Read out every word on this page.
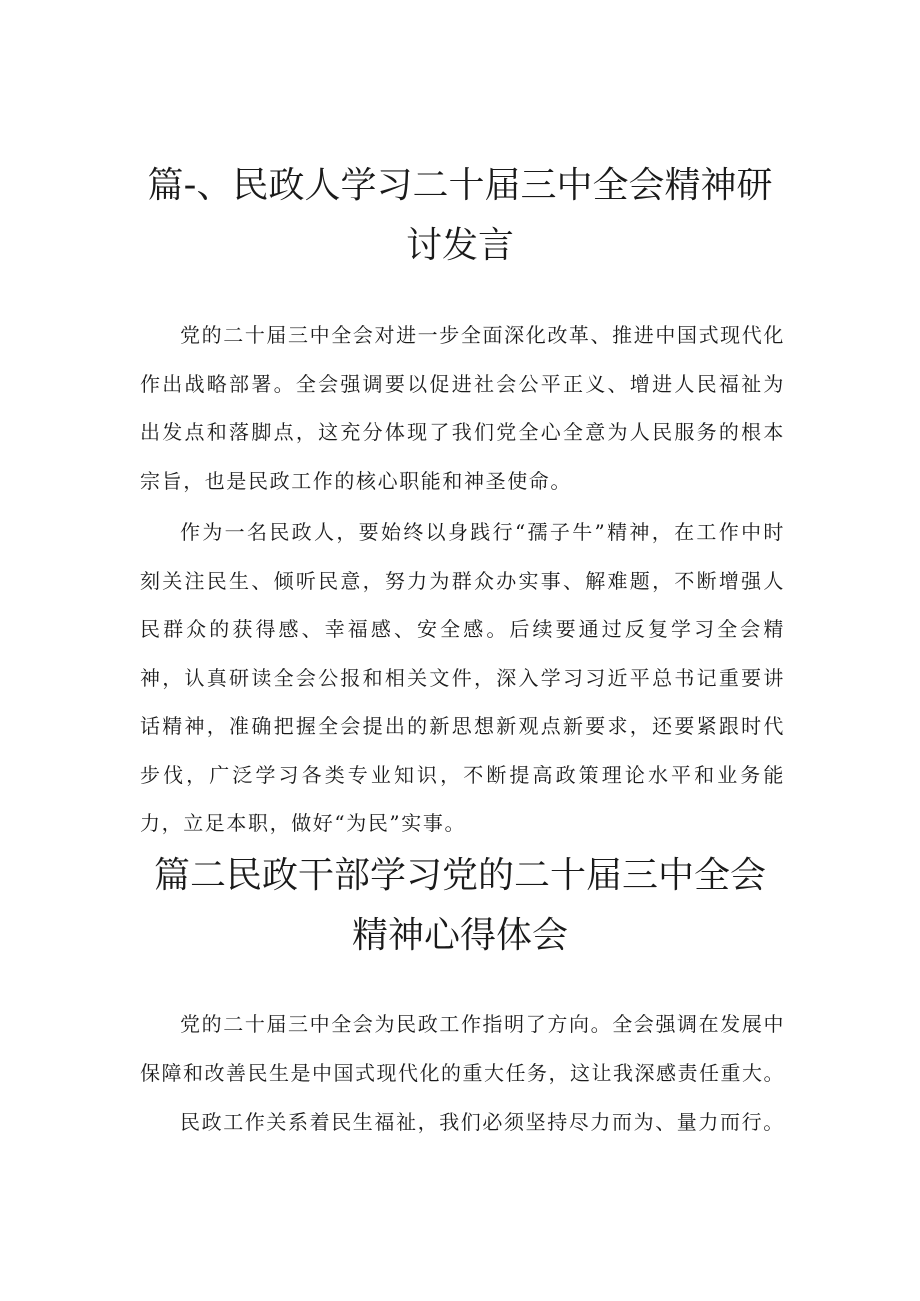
篇-、民政人学习二十届三中全会精神研讨发言

党的二十届三中全会对进一步全面深化改革、推进中国式现代化作出战略部署。全会强调要以促进社会公平正义、增进人民福祉为出发点和落脚点，这充分体现了我们党全心全意为人民服务的根本宗旨，也是民政工作的核心职能和神圣使命。

作为一名民政人，要始终以身践行“孺子牛”精神，在工作中时刻关注民生、倾听民意，努力为群众办实事、解难题，不断增强人民群众的获得感、幸福感、安全感。后续要通过反复学习全会精神，认真研读全会公报和相关文件，深入学习习近平总书记重要讲话精神，准确把握全会提出的新思想新观点新要求，还要紧跟时代步伐，广泛学习各类专业知识，不断提高政策理论水平和业务能力，立足本职，做好“为民”实事。

篇二民政干部学习党的二十届三中全会精神心得体会

党的二十届三中全会为民政工作指明了方向。全会强调在发展中保障和改善民生是中国式现代化的重大任务，这让我深感责任重大。

民政工作关系着民生福祉，我们必须坚持尽力而为、量力而行。
